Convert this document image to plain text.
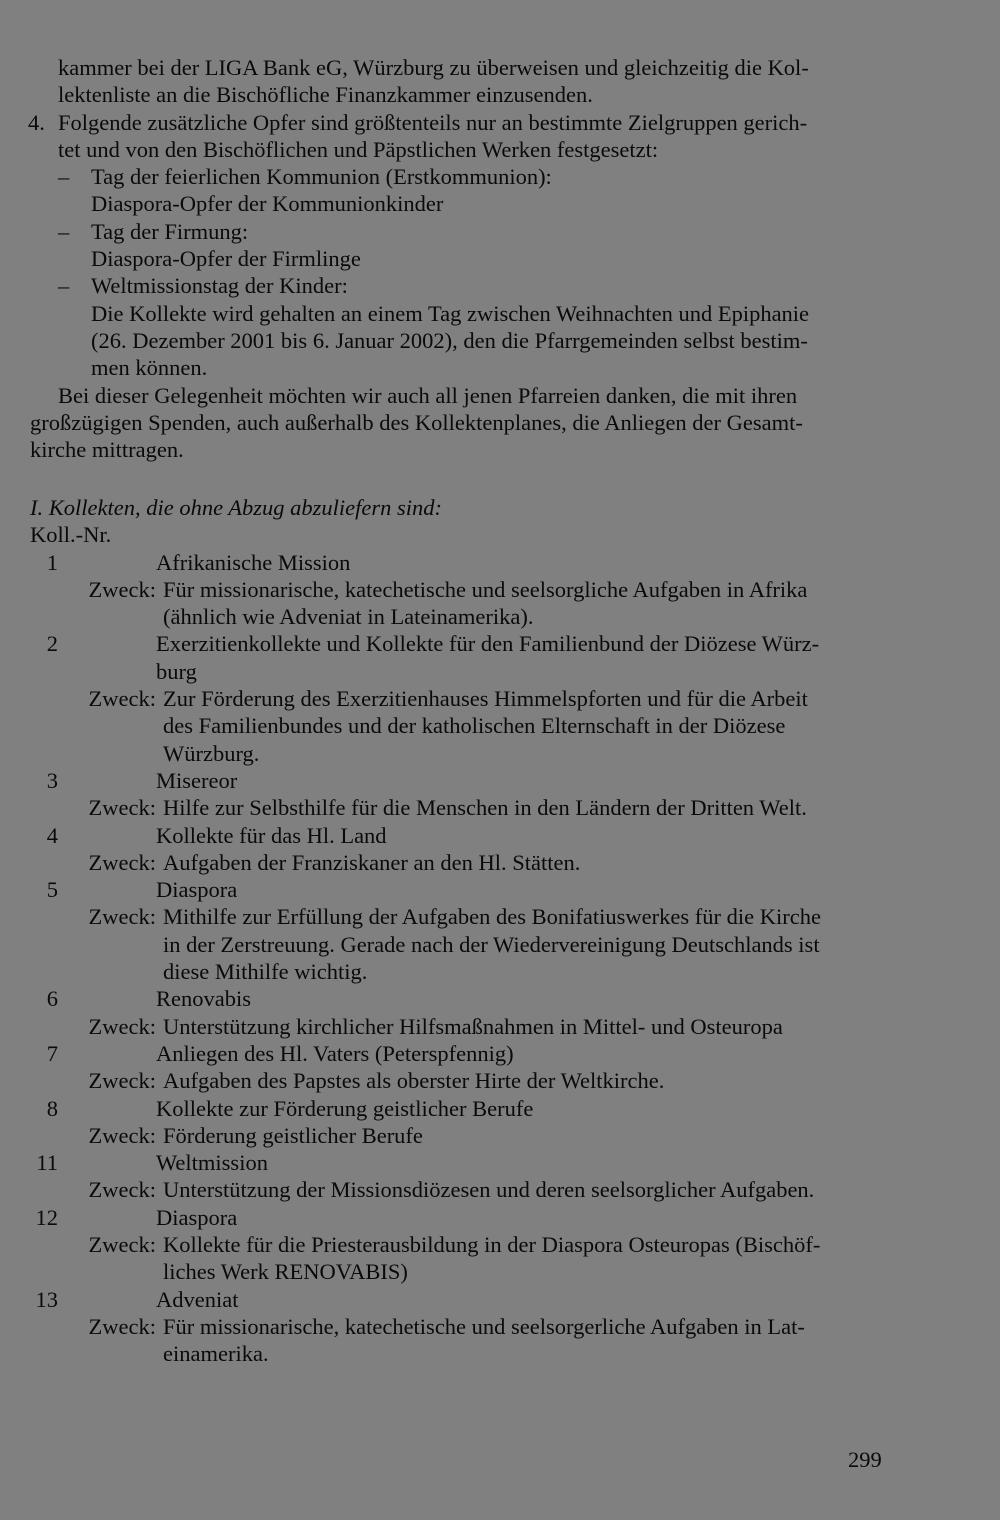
kammer bei der LIGA Bank eG, Würzburg zu überweisen und gleichzeitig die Kol-

lektenliste an die Bischöfliche Finanzkammer einzusenden.

4. Folgende zusätzliche Opfer sind größtenteils nur an bestimmte Zielgruppen gerich-

tet und von den Bischöflichen und Päpstlichen Werken festgesetzt:

– Tag der feierlichen Kommunion (Erstkommunion):

Diaspora-Opfer der Kommunionkinder

– Tag der Firmung:

Diaspora-Opfer der Firmlinge

– Weltmissionstag der Kinder:

Die Kollekte wird gehalten an einem Tag zwischen Weihnachten und Epiphanie

(26. Dezember 2001 bis 6. Januar 2002), den die Pfarrgemeinden selbst bestim-

men können.

Bei dieser Gelegenheit möchten wir auch all jenen Pfarreien danken, die mit ihren

großzügigen Spenden, auch außerhalb des Kollektenplanes, die Anliegen der Gesamt-

kirche mittragen.

I. Kollekten, die ohne Abzug abzuliefern sind:

Koll.-Nr.

1	Afrikanische Mission
Zweck: Für missionarische, katechetische und seelsorgliche Aufgaben in Afrika
(ähnlich wie Adveniat in Lateinamerika).
2	Exerzitienkollekte und Kollekte für den Familienbund der Diözese Würz-
burg
Zweck: Zur Förderung des Exerzitienhauses Himmelspforten und für die Arbeit
des Familienbundes und der katholischen Elternschaft in der Diözese
Würzburg.
3	Misereor
Zweck: Hilfe zur Selbsthilfe für die Menschen in den Ländern der Dritten Welt.
4	Kollekte für das Hl. Land
Zweck: Aufgaben der Franziskaner an den Hl. Stätten.
5	Diaspora
Zweck: Mithilfe zur Erfüllung der Aufgaben des Bonifatiuswerkes für die Kirche
in der Zerstreuung. Gerade nach der Wiedervereinigung Deutschlands ist
diese Mithilfe wichtig.
6	Renovabis
Zweck: Unterstützung kirchlicher Hilfsmaßnahmen in Mittel- und Osteuropa
7	Anliegen des Hl. Vaters (Peterspfennig)
Zweck: Aufgaben des Papstes als oberster Hirte der Weltkirche.
8	Kollekte zur Förderung geistlicher Berufe
Zweck: Förderung geistlicher Berufe
11	Weltmission
Zweck: Unterstützung der Missionsdiözesen und deren seelsorglicher Aufgaben.
12	Diaspora
Zweck: Kollekte für die Priesterausbildung in der Diaspora Osteuropas (Bischöf-
liches Werk RENOVABIS)
13	Adveniat
Zweck: Für missionarische, katechetische und seelsorgerliche Aufgaben in Lat-
einamerika.
299
